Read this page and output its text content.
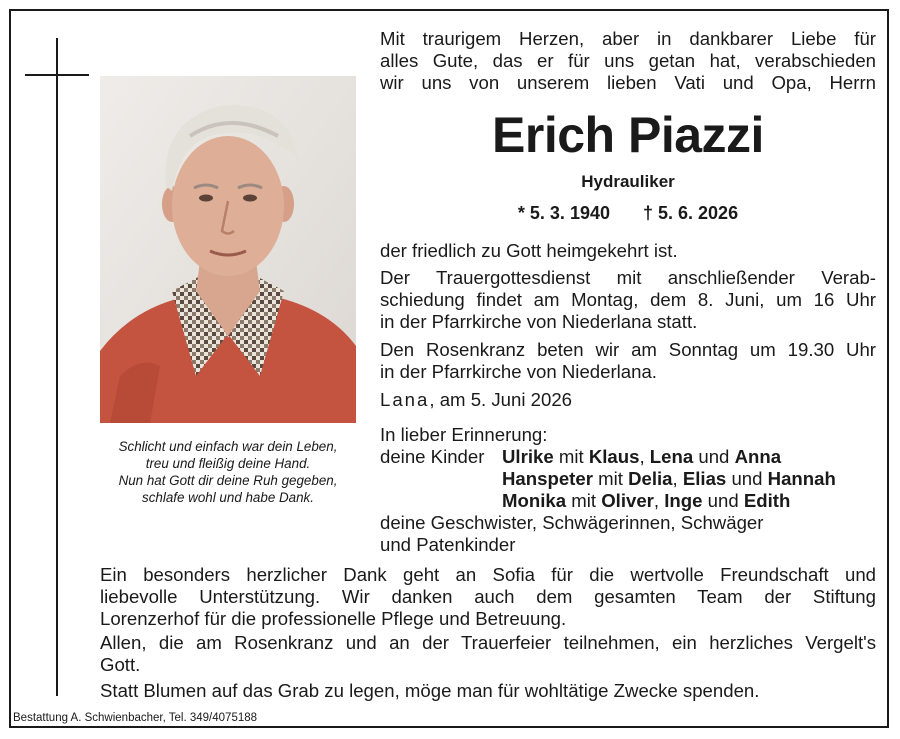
Schlicht und einfach war dein Leben,
treu und fleißig deine Hand.
Nun hat Gott dir deine Ruh gegeben,
schlafe wohl und habe Dank.
Mit traurigem Herzen, aber in dankbarer Liebe für
alles Gute, das er für uns getan hat, verabschieden
wir uns von unserem lieben Vati und Opa, Herrn
Erich Piazzi
Hydrauliker
* 5. 3. 1940 † 5. 6. 2026
der friedlich zu Gott heimgekehrt ist.
Der Trauergottesdienst mit anschließender Verab-
schiedung findet am Montag, dem 8. Juni, um 16 Uhr
in der Pfarrkirche von Niederlana statt.
Den Rosenkranz beten wir am Sonntag um 19.30 Uhr
in der Pfarrkirche von Niederlana.
Lana, am 5. Juni 2026
In lieber Erinnerung:
deine Kinder Ulrike mit Klaus, Lena und Anna
Hanspeter mit Delia, Elias und Hannah
Monika mit Oliver, Inge und Edith
deine Geschwister, Schwägerinnen, Schwäger
und Patenkinder
Ein besonders herzlicher Dank geht an Sofia für die wertvolle Freundschaft und
liebevolle Unterstützung. Wir danken auch dem gesamten Team der Stiftung
Lorenzerhof für die professionelle Pflege und Betreuung.
Allen, die am Rosenkranz und an der Trauerfeier teilnehmen, ein herzliches Vergelt's
Gott.
Statt Blumen auf das Grab zu legen, möge man für wohltätige Zwecke spenden.
Bestattung A. Schwienbacher, Tel. 349/4075188
